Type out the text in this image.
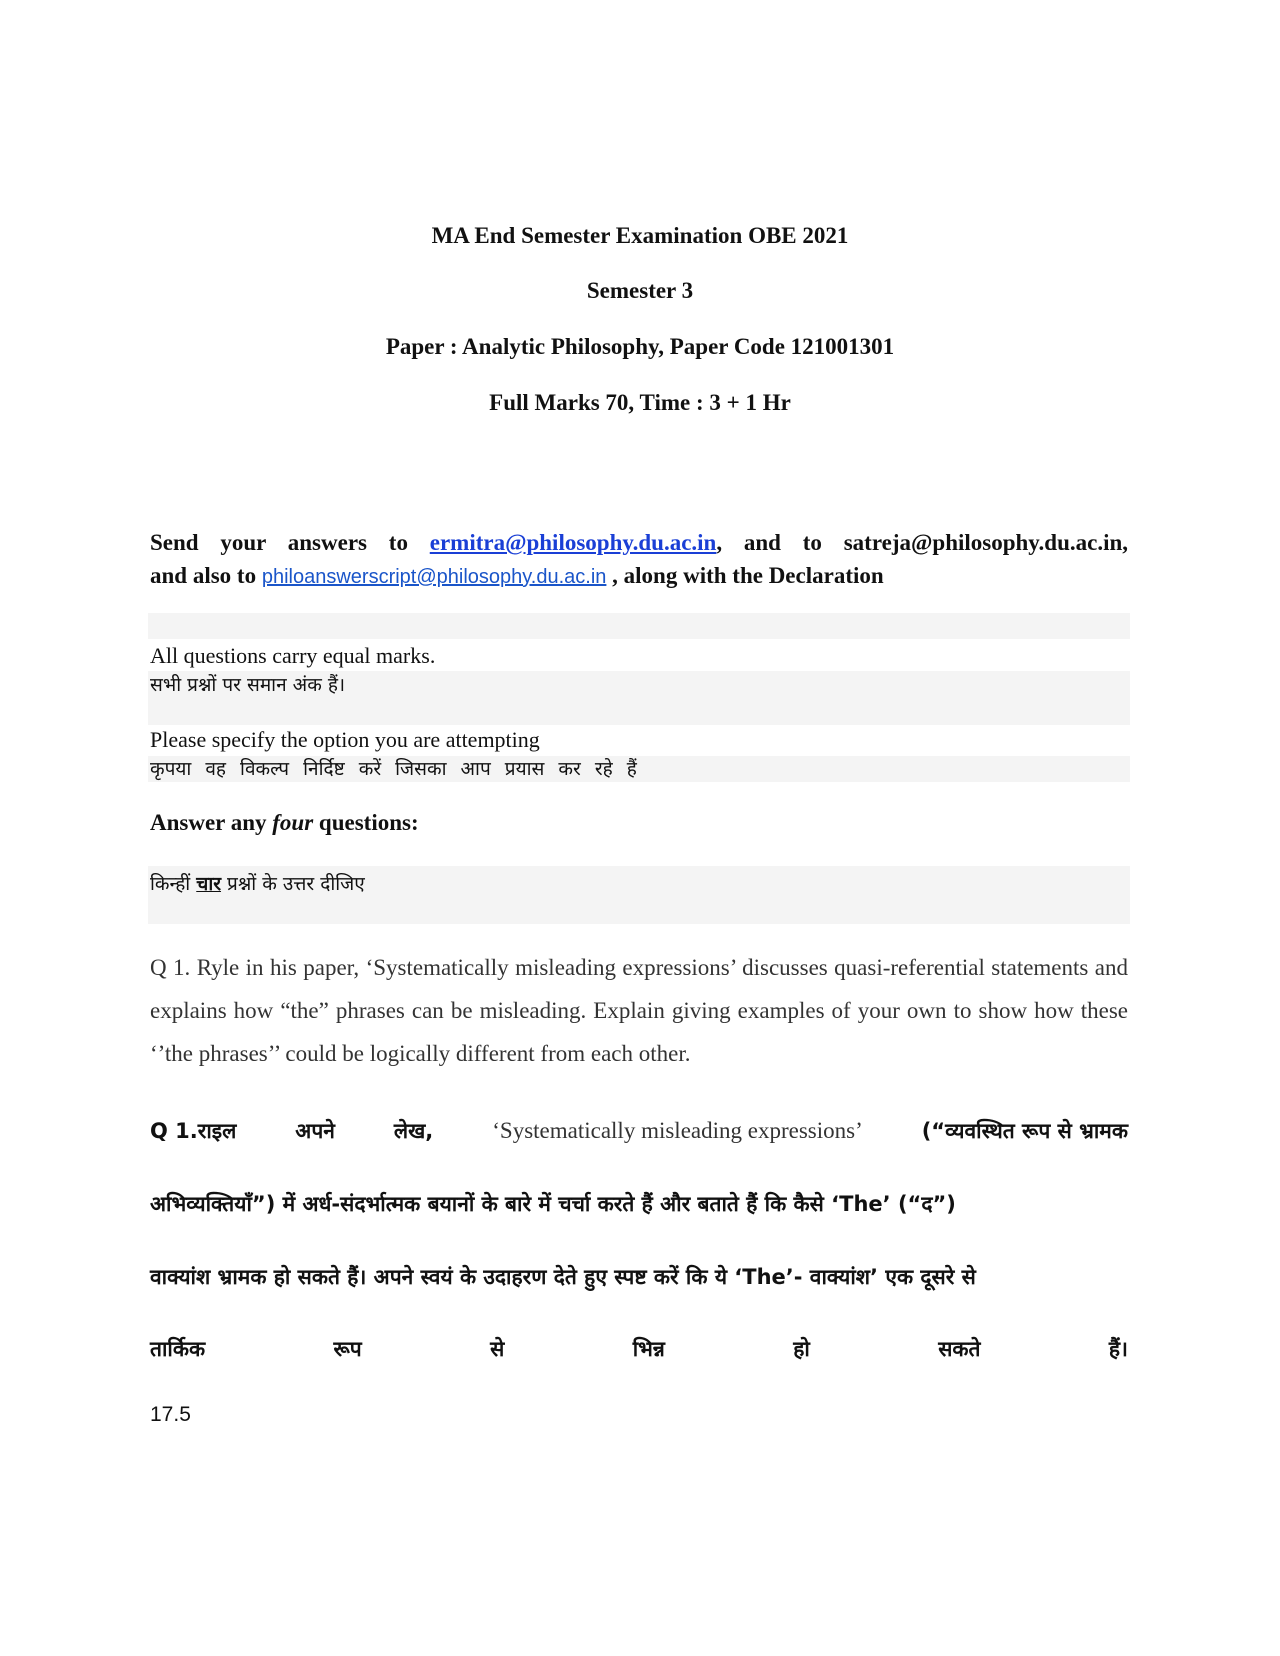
MA End Semester Examination OBE 2021
Semester 3
Paper : Analytic Philosophy, Paper Code 121001301
Full Marks 70, Time : 3 + 1 Hr
Send your answers to ermitra@philosophy.du.ac.in, and to satreja@philosophy.du.ac.in,
and also to philoanswerscript@philosophy.du.ac.in , along with the Declaration
All questions carry equal marks.
सभी प्रश्नों पर समान अंक हैं।
Please specify the option you are attempting
कृपया वह विकल्प निर्दिष्ट करें जिसका आप प्रयास कर रहे हैं
Answer any four questions:
किन्हीं चार प्रश्नों के उत्तर दीजिए
Q 1. Ryle in his paper, ‘Systematically misleading expressions’ discusses quasi-referential statements and explains how “the” phrases can be misleading. Explain giving examples of your own to show how these ‘’the phrases’’ could be logically different from each other.
Q 1.राइल	अपने	लेख,	‘Systematically misleading expressions’	(“व्यवस्थित रूप से भ्रामक
अभिव्यक्तियाँ”) में अर्ध-संदर्भात्मक बयानों के बारे में चर्चा करते हैं और बताते हैं कि कैसे ‘The’ (“द”)
वाक्यांश भ्रामक हो सकते हैं। अपने स्वयं के उदाहरण देते हुए स्पष्ट करें कि ये ‘The’- वाक्यांश’ एक दूसरे से
तार्किक	रूप	से	भिन्न	हो	सकते	हैं।
17.5
